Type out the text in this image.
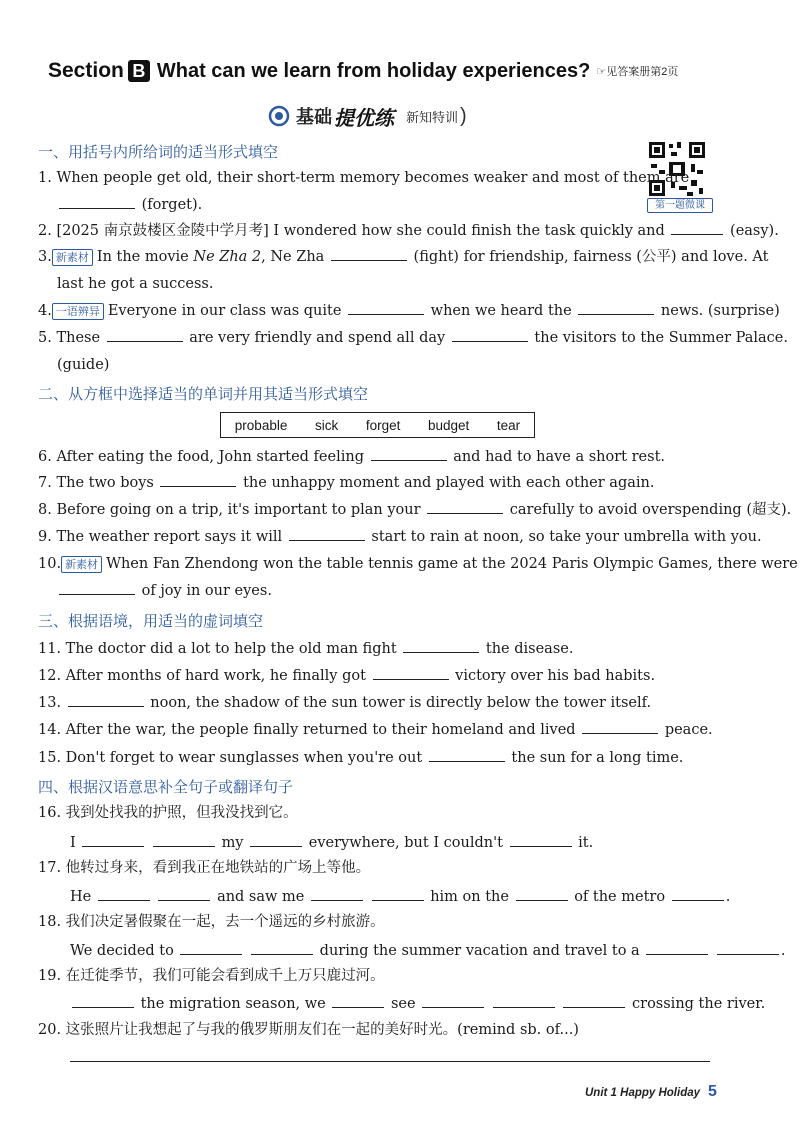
Section B What can we learn from holiday experiences? ☞见答案册第2页
基础 提优练 新知特训 )
第一题微课
一、用括号内所给词的适当形式填空
1. When people get old, their short-term memory becomes weaker and most of them are
(forget).
2. [2025 南京鼓楼区金陵中学月考] I wondered how she could finish the task quickly and	(easy).
3. 新素材 In the movie Ne Zha 2, Ne Zha	(fight) for friendship, fairness (公平) and love. At
last he got a success.
4. 一语辨异 Everyone in our class was quite	when we heard the	news. (surprise)
5. These	are very friendly and spend all day	the visitors to the Summer Palace.
(guide)
二、从方框中选择适当的单词并用其适当形式填空
probable sick forget budget tear
6. After eating the food, John started feeling	and had to have a short rest.
7. The two boys	the unhappy moment and played with each other again.
8. Before going on a trip, it's important to plan your	carefully to avoid overspending (超支).
9. The weather report says it will	start to rain at noon, so take your umbrella with you.
10. 新素材 When Fan Zhendong won the table tennis game at the 2024 Paris Olympic Games, there were
of joy in our eyes.
三、根据语境，用适当的虚词填空
11. The doctor did a lot to help the old man fight	the disease.
12. After months of hard work, he finally got	victory over his bad habits.
13.	noon, the shadow of the sun tower is directly below the tower itself.
14. After the war, the people finally returned to their homeland and lived	peace.
15. Don't forget to wear sunglasses when you're out	the sun for a long time.
四、根据汉语意思补全句子或翻译句子
16. 我到处找我的护照，但我没找到它。
I	my	everywhere, but I couldn't	it.
17. 他转过身来，看到我正在地铁站的广场上等他。
He	and saw me	him on the	of the metro	.
18. 我们决定暑假聚在一起，去一个遥远的乡村旅游。
We decided to	during the summer vacation and travel to a	.
19. 在迁徙季节，我们可能会看到成千上万只鹿过河。
the migration season, we	see	crossing the river.
20. 这张照片让我想起了与我的俄罗斯朋友们在一起的美好时光。(remind sb. of...)
Unit 1 Happy Holiday 5
